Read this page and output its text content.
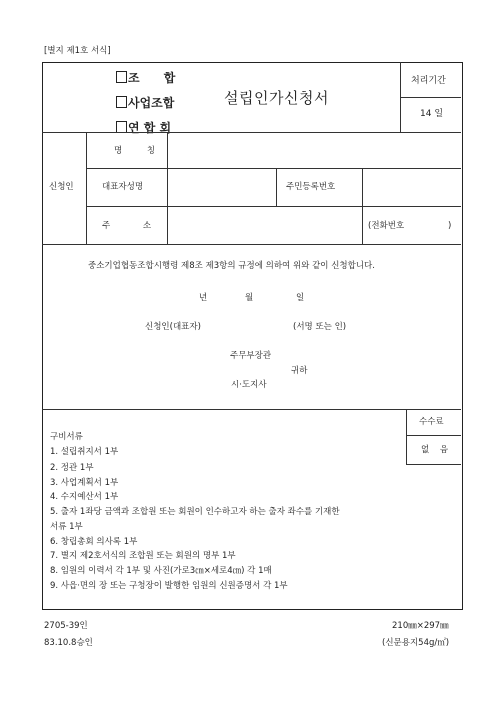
[별지 제1호 서식]
조 합
사업조합
연 합 회
설립인가신청서
처리기간
14 일
신청인
명 칭
대표자성명	주민등록번호
주 소	(전화번호	)
중소기업협동조합시행령 제8조 제3항의 규정에 의하여 위와 같이 신청합니다.
년	월	일
신청인(대표자)	(서명 또는 인)
주무부장관
귀하
시·도지사
수수료
없 음
구비서류
1. 설립취지서 1부
2. 정관 1부
3. 사업계획서 1부
4. 수지예산서 1부
5. 출자 1좌당 금액과 조합원 또는 회원이 인수하고자 하는 출자 좌수를 기재한
서류 1부
6. 창립총회 의사록 1부
7. 별지 제2호서식의 조합원 또는 회원의 명부 1부
8. 임원의 이력서 각 1부 및 사진(가로3㎝×세로4㎝) 각 1매
9. 사읍·면의 장 또는 구청장이 발행한 임원의 신원증명서 각 1부
2705-39인
83.10.8승인
210㎜×297㎜
(신문용지54g/㎡)
